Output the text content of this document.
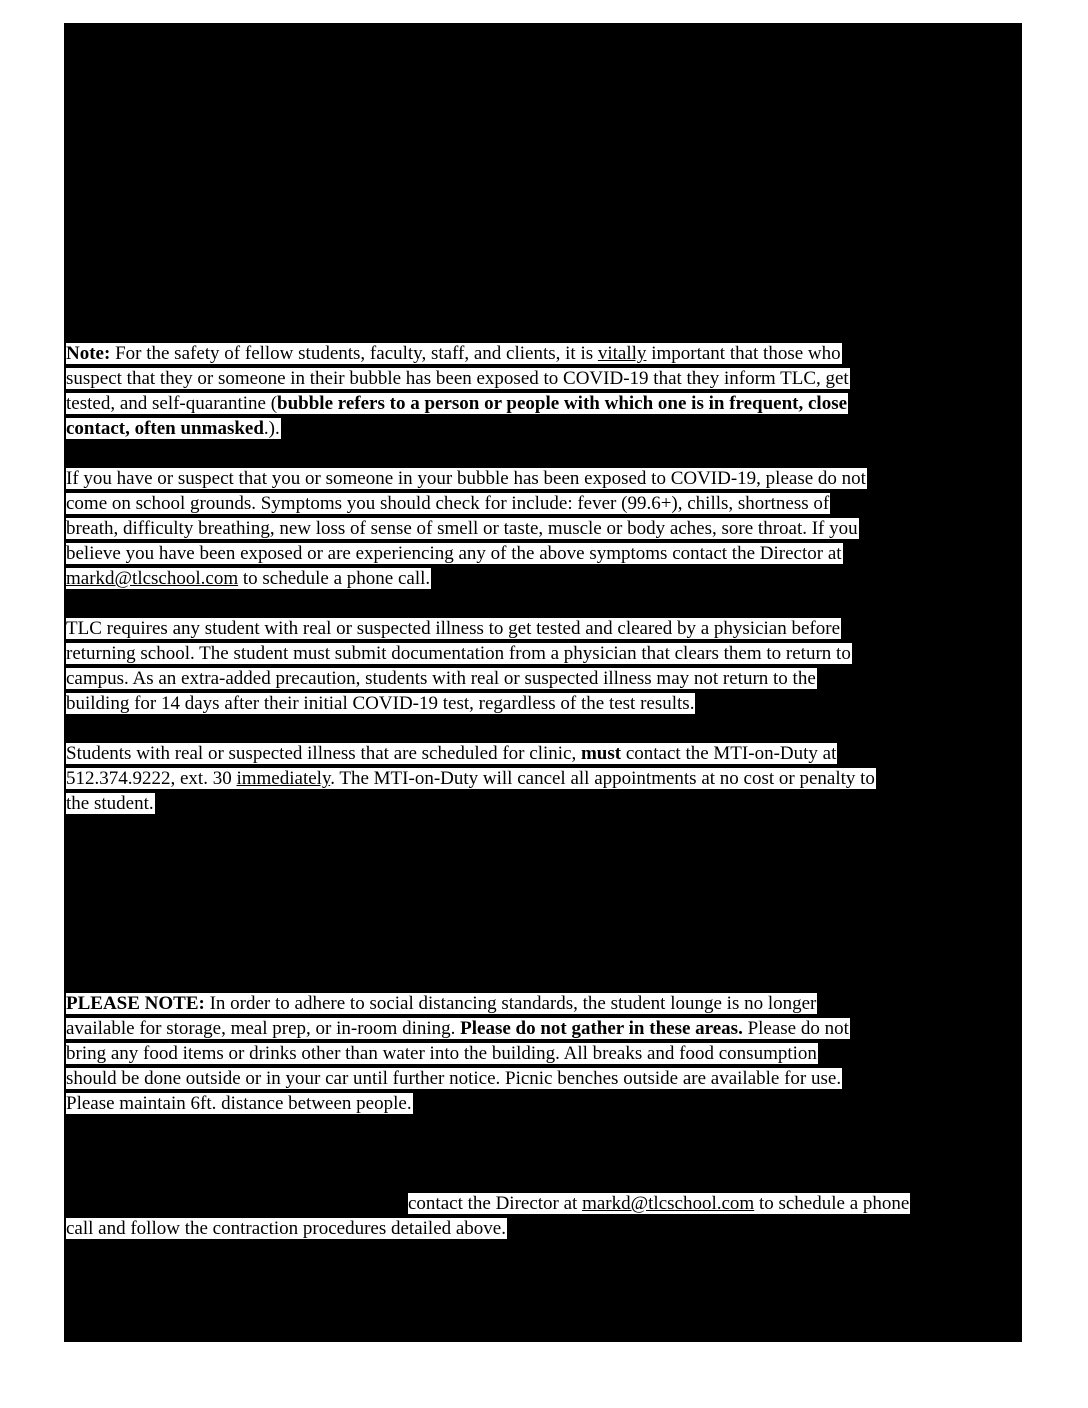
Note: For the safety of fellow students, faculty, staff, and clients, it is vitally important that those who
suspect that they or someone in their bubble has been exposed to COVID-19 that they inform TLC, get
tested, and self-quarantine (bubble refers to a person or people with which one is in frequent, close
contact, often unmasked.).
If you have or suspect that you or someone in your bubble has been exposed to COVID-19, please do not
come on school grounds. Symptoms you should check for include: fever (99.6+), chills, shortness of
breath, difficulty breathing, new loss of sense of smell or taste, muscle or body aches, sore throat. If you
believe you have been exposed or are experiencing any of the above symptoms contact the Director at
markd@tlcschool.com to schedule a phone call.
TLC requires any student with real or suspected illness to get tested and cleared by a physician before
returning school. The student must submit documentation from a physician that clears them to return to
campus. As an extra-added precaution, students with real or suspected illness may not return to the
building for 14 days after their initial COVID-19 test, regardless of the test results.
Students with real or suspected illness that are scheduled for clinic, must contact the MTI-on-Duty at
512.374.9222, ext. 30 immediately. The MTI-on-Duty will cancel all appointments at no cost or penalty to
the student.
PLEASE NOTE: In order to adhere to social distancing standards, the student lounge is no longer
available for storage, meal prep, or in-room dining. Please do not gather in these areas. Please do not
bring any food items or drinks other than water into the building. All breaks and food consumption
should be done outside or in your car until further notice. Picnic benches outside are available for use.
Please maintain 6ft. distance between people.
contact the Director at markd@tlcschool.com to schedule a phone
call and follow the contraction procedures detailed above.
